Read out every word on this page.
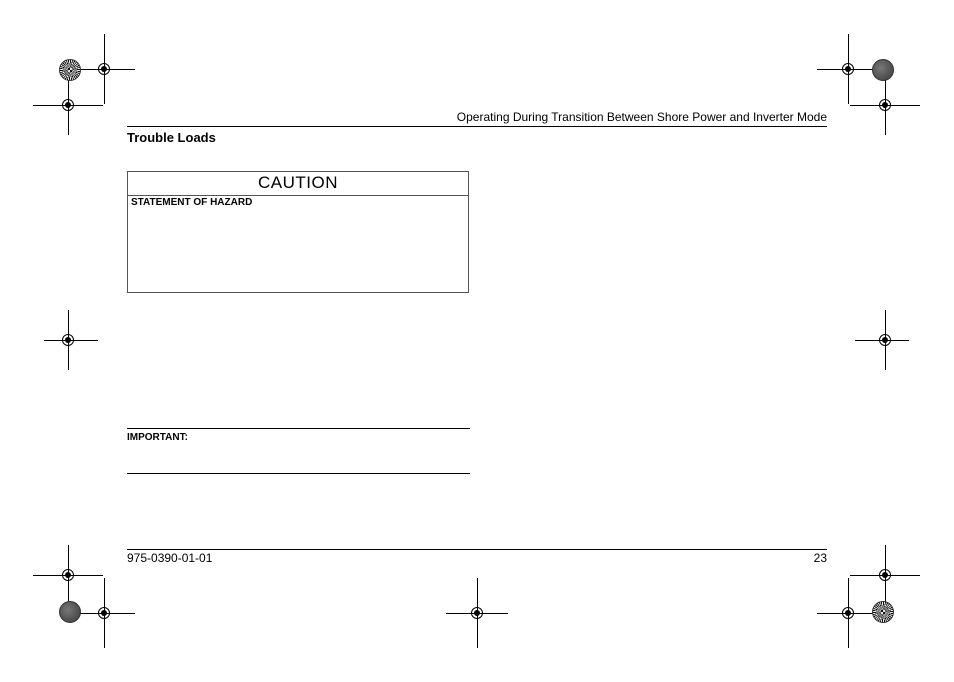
Operating During Transition Between Shore Power and Inverter Mode
Trouble Loads
CAUTION
STATEMENT OF HAZARD
IMPORTANT:
975-0390-01-01	23
